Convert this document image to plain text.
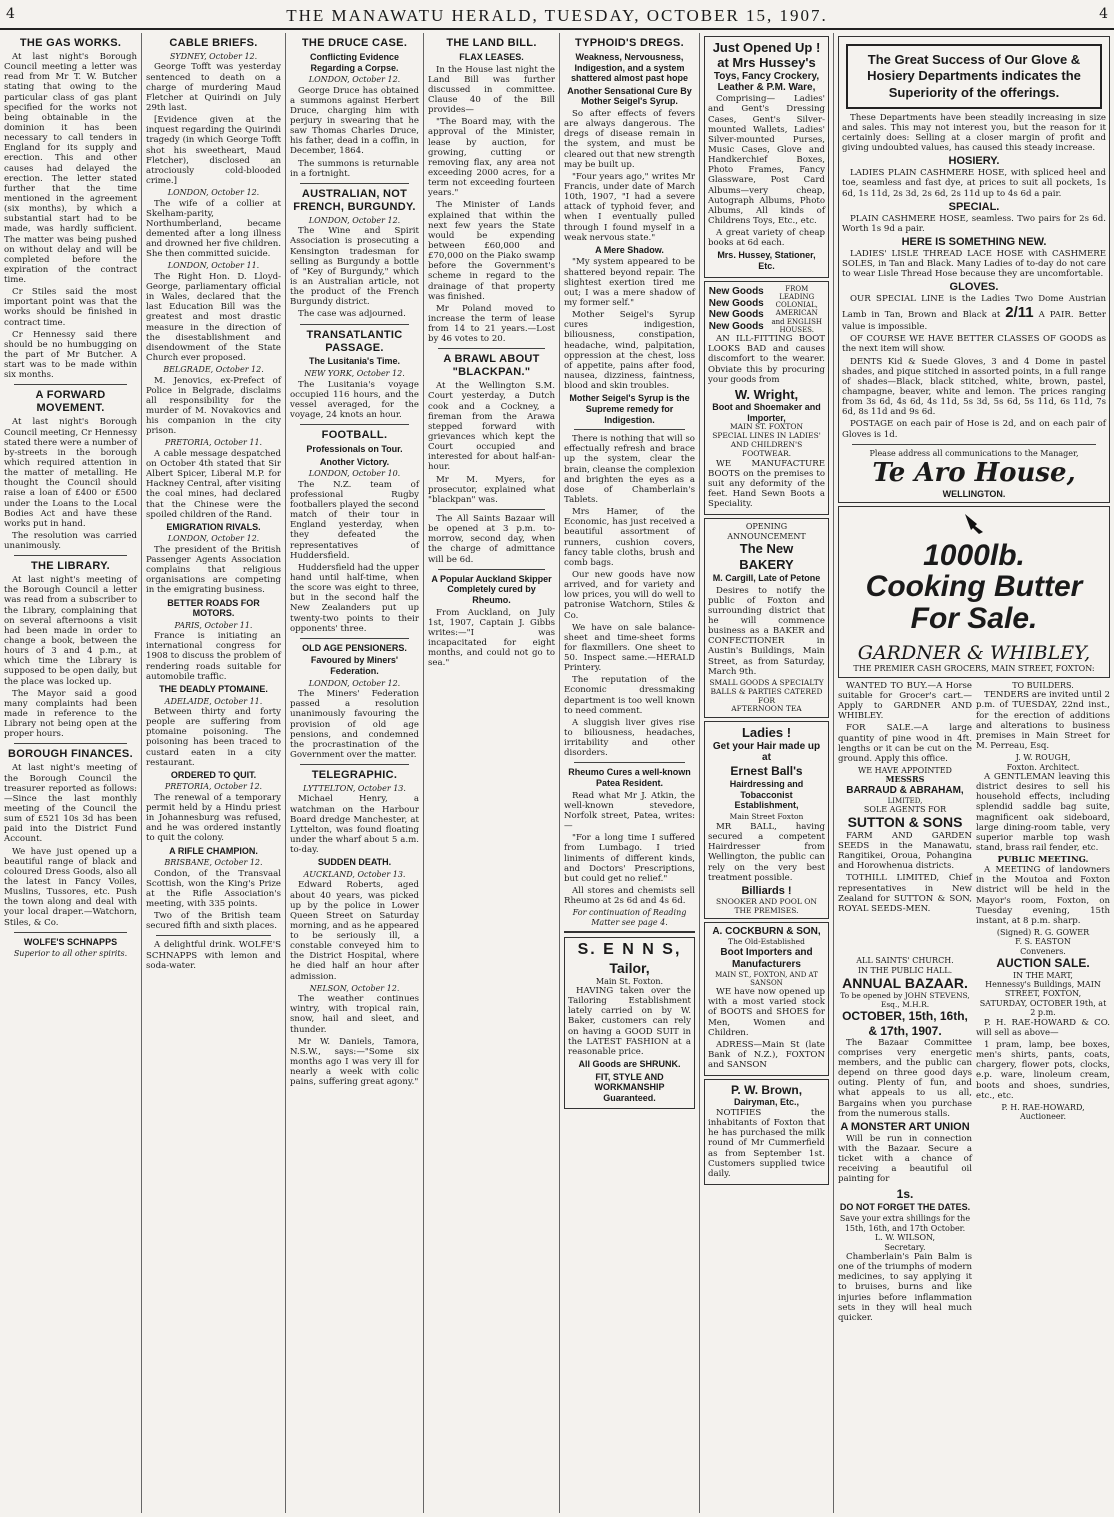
4	THE MANAWATU HERALD, TUESDAY, OCTOBER 15, 1907.	4
THE GAS WORKS.

At last night's Borough Council meeting a letter was read from Mr T. W. Butcher stating that owing to the particular class of gas plant specified for the works not being obtainable in the dominion it has been necessary to call tenders in England for its supply and erection. This and other causes had delayed the erection. The letter stated further that the time mentioned in the agreement (six months), by which a substantial start had to be made, was hardly sufficient. The matter was being pushed on without delay and will be completed before the expiration of the contract time.

Cr Stiles said the most important point was that the works should be finished in contract time.

Cr Hennessy said there should be no humbugging on the part of Mr Butcher. A start was to be made within six months.

A FORWARD MOVEMENT.

At last night's Borough Council meeting, Cr Hennessy stated there were a number of by-streets in the borough which required attention in the matter of metalling. He thought the Council should raise a loan of £400 or £500 under the Loans to the Local Bodies Act and have these works put in hand.

The resolution was carried unanimously.

THE LIBRARY.

At last night's meeting of the Borough Council a letter was read from a subscriber to the Library, complaining that on several afternoons a visit had been made in order to change a book, between the hours of 3 and 4 p.m., at which time the Library is supposed to be open daily, but the place was locked up.

The Mayor said a good many complaints had been made in reference to the Library not being open at the proper hours.

BOROUGH FINANCES.

At last night's meeting of the Borough Council the treasurer reported as follows:—Since the last monthly meeting of the Council the sum of £521 10s 3d has been paid into the District Fund Account.

We have just opened up a beautiful range of black and coloured Dress Goods, also all the latest in Fancy Voiles, Muslins, Tussores, etc. Push the town along and deal with your local draper.—Watchorn, Stiles, & Co.

WOLFE'S SCHNAPPS
Superior to all other spirits.
CABLE BRIEFS.
SYDNEY, October 12.

George Tofft was yesterday sentenced to death on a charge of murdering Maud Fletcher at Quirindi on July 29th last.

[Evidence given at the inquest regarding the Quirindi tragedy (in which George Tofft shot his sweetheart, Maud Fletcher), disclosed an atrociously cold-blooded crime.]

LONDON, October 12.

The wife of a collier at Skelham-parity, Northumberland, became demented after a long illness and drowned her five children. She then committed suicide.

LONDON, October 11.

The Right Hon. D. Lloyd-George, parliamentary official in Wales, declared that the last Education Bill was the greatest and most drastic measure in the direction of the disestablishment and disendowment of the State Church ever proposed.

BELGRADE, October 12.

M. Jenovics, ex-Prefect of Police in Belgrade, disclaims all responsibility for the murder of M. Novakovics and his companion in the city prison.

PRETORIA, October 11.

A cable message despatched on October 4th stated that Sir Albert Spicer, Liberal M.P. for Hackney Central, after visiting the coal mines, had declared that the Chinese were the spoiled children of the Rand.

EMIGRATION RIVALS.
LONDON, October 12.

The president of the British Passenger Agents Association complains that religious organisations are competing in the emigrating business.

BETTER ROADS FOR MOTORS.
PARIS, October 11.

France is initiating an international congress for 1908 to discuss the problem of rendering roads suitable for automobile traffic.

THE DEADLY PTOMAINE.
ADELAIDE, October 11.

Between thirty and forty people are suffering from ptomaine poisoning. The poisoning has been traced to custard eaten in a city restaurant.

ORDERED TO QUIT.
PRETORIA, October 12.

The renewal of a temporary permit held by a Hindu priest in Johannesburg was refused, and he was ordered instantly to quit the colony.

A RIFLE CHAMPION.
BRISBANE, October 12.

Condon, of the Transvaal Scottish, won the King's Prize at the Rifle Association's meeting, with 335 points.

Two of the British team secured fifth and sixth places.

A delightful drink. WOLFE'S SCHNAPPS with lemon and soda-water.

THE DRUCE CASE.
Conflicting Evidence Regarding a Corpse.
LONDON, October 12.

George Druce has obtained a summons against Herbert Druce, charging him with perjury in swearing that he saw Thomas Charles Druce, his father, dead in a coffin, in December, 1864.

The summons is returnable in a fortnight.

AUSTRALIAN, NOT FRENCH, BURGUNDY.
LONDON, October 12.

The Wine and Spirit Association is prosecuting a Kensington tradesman for selling as Burgundy a bottle of "Key of Burgundy," which is an Australian article, not the product of the French Burgundy district.

The case was adjourned.

TRANSATLANTIC PASSAGE.
The Lusitania's Time.
NEW YORK, October 12.

The Lusitania's voyage occupied 116 hours, and the vessel averaged, for the voyage, 24 knots an hour.

FOOTBALL.
Professionals on Tour.
Another Victory.
LONDON, October 10.

The N.Z. team of professional Rugby footballers played the second match of their tour in England yesterday, when they defeated the representatives of Huddersfield.

Huddersfield had the upper hand until half-time, when the score was eight to three, but in the second half the New Zealanders put up twenty-two points to their opponents' three.

OLD AGE PENSIONERS.
Favoured by Miners' Federation.
LONDON, October 12.

The Miners' Federation passed a resolution unanimously favouring the provision of old age pensions, and condemned the procrastination of the Government over the matter.

TELEGRAPHIC.
LYTTELTON, October 13.

Michael Henry, a watchman on the Harbour Board dredge Manchester, at Lyttelton, was found floating under the wharf about 5 a.m. to-day.

SUDDEN DEATH.
AUCKLAND, October 13.

Edward Roberts, aged about 40 years, was picked up by the police in Lower Queen Street on Saturday morning, and as he appeared to be seriously ill, a constable conveyed him to the District Hospital, where he died half an hour after admission.

NELSON, October 12.

The weather continues wintry, with tropical rain, snow, hail and sleet, and thunder.

Mr W. Daniels, Tamora, N.S.W., says:—"Some six months ago I was very ill for nearly a week with colic pains, suffering great agony."

THE LAND BILL.
FLAX LEASES.

In the House last night the Land Bill was further discussed in committee. Clause 40 of the Bill provides—

"The Board may, with the approval of the Minister, lease by auction, for growing, cutting or removing flax, any area not exceeding 2000 acres, for a term not exceeding fourteen years."

The Minister of Lands explained that within the next few years the State would be expending between £60,000 and £70,000 on the Piako swamp before the Government's scheme in regard to the drainage of that property was finished.

Mr Poland moved to increase the term of lease from 14 to 21 years.—Lost by 46 votes to 20.

A BRAWL ABOUT "BLACKPAN."

At the Wellington S.M. Court yesterday, a Dutch cook and a Cockney, a fireman from the Arawa stepped forward with grievances which kept the Court occupied and interested for about half-an-hour.

Mr M. Myers, for prosecutor, explained what "blackpan" was.

The All Saints Bazaar will be opened at 3 p.m. to-morrow, second day, when the charge of admittance will be 6d.

A Popular Auckland Skipper Completely cured by Rheumo.

From Auckland, on July 1st, 1907, Captain J. Gibbs writes:—"I was incapacitated for eight months, and could not go to sea."

TYPHOID'S DREGS.
Weakness, Nervousness, Indigestion, and a system shattered almost past hope
Another Sensational Cure By Mother Seigel's Syrup.

So after effects of fevers are always dangerous. The dregs of disease remain in the system, and must be cleared out that new strength may be built up.

"Four years ago," writes Mr Francis, under date of March 10th, 1907, "I had a severe attack of typhoid fever, and when I eventually pulled through I found myself in a weak nervous state."

A Mere Shadow.

"My system appeared to be shattered beyond repair. The slightest exertion tired me out; I was a mere shadow of my former self."

Mother Seigel's Syrup cures indigestion, biliousness, constipation, headache, wind, palpitation, oppression at the chest, loss of appetite, pains after food, nausea, dizziness, faintness, blood and skin troubles.

Mother Seigel's Syrup is the Supreme remedy for Indigestion.

There is nothing that will so effectually refresh and brace up the system, clear the brain, cleanse the complexion and brighten the eyes as a dose of Chamberlain's Tablets.

Mrs Hamer, of the Economic, has just received a beautiful assortment of runners, cushion covers, fancy table cloths, brush and comb bags.

Our new goods have now arrived, and for variety and low prices, you will do well to patronise Watchorn, Stiles & Co.

We have on sale balance-sheet and time-sheet forms for flaxmillers. One sheet to 50. Inspect same.—HERALD Printery.

The reputation of the Economic dressmaking department is too well known to need comment.

A sluggish liver gives rise to biliousness, headaches, irritability and other disorders.

Rheumo Cures a well-known Patea Resident.

Read what Mr J. Atkin, the well-known stevedore, Norfolk street, Patea, writes:—

"For a long time I suffered from Lumbago. I tried liniments of different kinds, and Doctors' Prescriptions, but could get no relief."

All stores and chemists sell Rheumo at 2s 6d and 4s 6d.

For continuation of Reading Matter see page 4.
S. E N N S,
Tailor,
Main St. Foxton.

HAVING taken over the Tailoring Establishment lately carried on by W. Baker, customers can rely on having a GOOD SUIT in the LATEST FASHION at a reasonable price.

All Goods are SHRUNK.
FIT, STYLE AND WORKMANSHIP Guaranteed.
Just Opened Up !
at Mrs Hussey's
Toys, Fancy Crockery, Leather & P.M. Ware,

Comprising— Ladies' and Gent's Dressing Cases, Gent's Silver-mounted Wallets, Ladies' Silver-mounted Purses, Music Cases, Glove and Handkerchief Boxes, Photo Frames, Fancy Glassware, Post Card Albums—very cheap, Autograph Albums, Photo Albums, All kinds of Childrens Toys, Etc., etc.

A great variety of cheap books at 6d each.

Mrs. Hussey, Stationer, Etc.
New Goods
New Goods
New Goods
New Goods
FROM LEADING COLONIAL, AMERICAN and ENGLISH HOUSES.

AN ILL-FITTING BOOT LOOKS BAD and causes discomfort to the wearer. Obviate this by procuring your goods from

W. Wright,
Boot and Shoemaker and Importer,
MAIN ST. FOXTON
SPECIAL LINES IN LADIES' AND CHILDREN'S FOOTWEAR.

WE MANUFACTURE BOOTS on the premises to suit any deformity of the feet. Hand Sewn Boots a Speciality.

OPENING ANNOUNCEMENT
The New
BAKERY
M. Cargill, Late of Petone

Desires to notify the public of Foxton and surrounding district that he will commence business as a BAKER and CONFECTIONER in Austin's Buildings, Main Street, as from Saturday, March 9th.

SMALL GOODS A SPECIALTY
BALLS & PARTIES CATERED FOR
AFTERNOON TEA
Ladies !
Get your Hair made up at
Ernest Ball's
Hairdressing and Tobacconist Establishment,
Main Street Foxton

MR BALL, having secured a competent Hairdresser from Wellington, the public can rely on the very best treatment possible.

Billiards !
SNOOKER AND POOL ON THE PREMISES.
A. COCKBURN & SON,
The Old-Established
Boot Importers and Manufacturers
MAIN ST., FOXTON, AND AT SANSON

WE have now opened up with a most varied stock of BOOTS and SHOES for Men, Women and Children.

ADRESS—Main St (late Bank of N.Z.), FOXTON and SANSON

P. W. Brown,
Dairyman, Etc.,

NOTIFIES the inhabitants of Foxton that he has purchased the milk round of Mr Cummerfield as from September 1st. Customers supplied twice daily.

The Great Success of Our Glove & Hosiery Departments indicates the Superiority of the offerings.

These Departments have been steadily increasing in size and sales. This may not interest you, but the reason for it certainly does: Selling at a closer margin of profit and giving undoubted values, has caused this steady increase.

HOSIERY.

LADIES PLAIN CASHMERE HOSE, with spliced heel and toe, seamless and fast dye, at prices to suit all pockets, 1s 6d, 1s 11d, 2s 3d, 2s 6d, 2s 11d up to 4s 6d a pair.

SPECIAL.

PLAIN CASHMERE HOSE, seamless. Two pairs for 2s 6d. Worth 1s 9d a pair.

HERE IS SOMETHING NEW.

LADIES' LISLE THREAD LACE HOSE with CASHMERE SOLES, in Tan and Black. Many Ladies of to-day do not care to wear Lisle Thread Hose because they are uncomfortable.

GLOVES.

OUR SPECIAL LINE is the Ladies Two Dome Austrian Lamb in Tan, Brown and Black at 2/11 A PAIR. Better value is impossible.

OF COURSE WE HAVE BETTER CLASSES OF GOODS as the next item will show.

DENTS Kid & Suede Gloves, 3 and 4 Dome in pastel shades, and pique stitched in assorted points, in a full range of shades—Black, black stitched, white, brown, pastel, champagne, beaver, white and lemon. The prices ranging from 3s 6d, 4s 6d, 4s 11d, 5s 3d, 5s 6d, 5s 11d, 6s 11d, 7s 6d, 8s 11d and 9s 6d.

POSTAGE on each pair of Hose is 2d, and on each pair of Gloves is 1d.

Please address all communications to the Manager,
Te Aro House,
WELLINGTON.
1000lb.
Cooking Butter
For Sale.
GARDNER & WHIBLEY,
THE PREMIER CASH GROCERS, MAIN STREET, FOXTON:

WANTED TO BUY.—A Horse suitable for Grocer's cart.— Apply to GARDNER AND WHIBLEY.

FOR SALE.—A large quantity of pine wood in 4ft. lengths or it can be cut on the ground. Apply this office.

WE HAVE APPOINTED
MESSRS
BARRAUD & ABRAHAM,
LIMITED,
SOLE AGENTS FOR
SUTTON & SONS

FARM AND GARDEN SEEDS in the Manawatu, Rangitikei, Oroua, Pohangina and Horowhenua districts.

TOTHILL LIMITED, Chief representatives in New Zealand for SUTTON & SON, ROYAL SEEDS-MEN.

TO BUILDERS.

TENDERS are invited until 2 p.m. of TUESDAY, 22nd inst., for the erection of additions and alterations to business premises in Main Street for M. Perreau, Esq.

J. W. ROUGH,
Foxton. Architect.

A GENTLEMAN leaving this district desires to sell his household effects, including splendid saddle bag suite, magnificent oak sideboard, large dining-room table, very superior marble top wash stand, brass rail fender, etc.

PUBLIC MEETING.

A MEETING of landowners in the Moutoa and Foxton district will be held in the Mayor's room, Foxton, on Tuesday evening, 15th instant, at 8 p.m. sharp.

(Signed) R. G. GOWER
F. S. EASTON
Conveners.
ALL SAINTS' CHURCH.
IN THE PUBLIC HALL.
ANNUAL BAZAAR.
To be opened by JOHN STEVENS, Esq., M.H.R.
OCTOBER, 15th, 16th, & 17th, 1907.

The Bazaar Committee comprises very energetic members, and the public can depend on three good days outing. Plenty of fun, and what appeals to us all, Bargains when you purchase from the numerous stalls.

A MONSTER ART UNION

Will be run in connection with the Bazaar. Secure a ticket with a chance of receiving a beautiful oil painting for

1s.
DO NOT FORGET THE DATES.
Save your extra shillings for the 15th, 16th, and 17th October.
L. W. WILSON,
Secretary.

Chamberlain's Pain Balm is one of the triumphs of modern medicines, to say applying it to bruises, burns and like injuries before inflammation sets in they will heal much quicker.

AUCTION SALE.
IN THE MART,
Hennessy's Buildings, MAIN STREET, FOXTON,
SATURDAY, OCTOBER 19th, at 2 p.m.

P. H. RAE-HOWARD & CO. will sell as above—

1 pram, lamp, bee boxes, men's shirts, pants, coats, chargery, flower pots, clocks, e.p. ware, linoleum cream, boots and shoes, sundries, etc., etc.

P. H. RAE-HOWARD,
Auctioneer.
